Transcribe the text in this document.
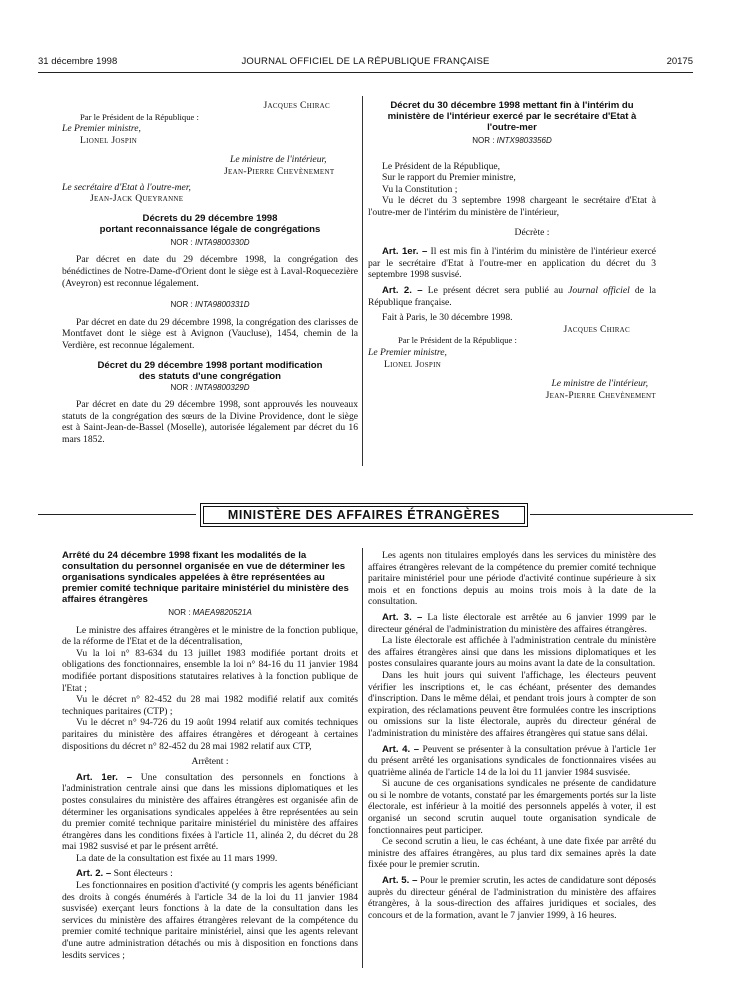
31 décembre 1998	JOURNAL OFFICIEL DE LA RÉPUBLIQUE FRANÇAISE	20175

Jacques Chirac

Par le Président de la République :

Le Premier ministre,

Lionel Jospin

Le ministre de l'intérieur,

Jean-Pierre Chevènement

Le secrétaire d'Etat à l'outre-mer,

Jean-Jack Queyranne

Décrets du 29 décembre 1998
portant reconnaissance légale de congrégations

NOR : INTA9800330D

Par décret en date du 29 décembre 1998, la congrégation des bénédictines de Notre-Dame-d'Orient dont le siège est à Laval-Roquecezière (Aveyron) est reconnue légalement.

NOR : INTA9800331D

Par décret en date du 29 décembre 1998, la congrégation des clarisses de Montfavet dont le siège est à Avignon (Vaucluse), 1454, chemin de la Verdière, est reconnue légalement.

Décret du 29 décembre 1998 portant modification
des statuts d'une congrégation

NOR : INTA9800329D

Par décret en date du 29 décembre 1998, sont approuvés les nouveaux statuts de la congrégation des sœurs de la Divine Providence, dont le siège est à Saint-Jean-de-Bassel (Moselle), autorisée légalement par décret du 16 mars 1852.

Décret du 30 décembre 1998 mettant fin à l'intérim du ministère de l'intérieur exercé par le secrétaire d'Etat à l'outre-mer

NOR : INTX9803356D

Le Président de la République,

Sur le rapport du Premier ministre,

Vu la Constitution ;

Vu le décret du 3 septembre 1998 chargeant le secrétaire d'Etat à l'outre-mer de l'intérim du ministère de l'intérieur,

Décrète :

Art. 1er. – Il est mis fin à l'intérim du ministère de l'intérieur exercé par le secrétaire d'Etat à l'outre-mer en application du décret du 3 septembre 1998 susvisé.

Art. 2. – Le présent décret sera publié au Journal officiel de la République française.

Fait à Paris, le 30 décembre 1998.

Jacques Chirac

Par le Président de la République :

Le Premier ministre,

Lionel Jospin

Le ministre de l'intérieur,

Jean-Pierre Chevènement

MINISTÈRE DES AFFAIRES ÉTRANGÈRES

Arrêté du 24 décembre 1998 fixant les modalités de la consultation du personnel organisée en vue de déterminer les organisations syndicales appelées à être représentées au premier comité technique paritaire ministériel du ministère des affaires étrangères

NOR : MAEA9820521A

Le ministre des affaires étrangères et le ministre de la fonction publique, de la réforme de l'Etat et de la décentralisation,

Vu la loi n° 83-634 du 13 juillet 1983 modifiée portant droits et obligations des fonctionnaires, ensemble la loi n° 84-16 du 11 janvier 1984 modifiée portant dispositions statutaires relatives à la fonction publique de l'Etat ;

Vu le décret n° 82-452 du 28 mai 1982 modifié relatif aux comités techniques paritaires (CTP) ;

Vu le décret n° 94-726 du 19 août 1994 relatif aux comités techniques paritaires du ministère des affaires étrangères et dérogeant à certaines dispositions du décret n° 82-452 du 28 mai 1982 relatif aux CTP,

Arrêtent :

Art. 1er. – Une consultation des personnels en fonctions à l'administration centrale ainsi que dans les missions diplomatiques et les postes consulaires du ministère des affaires étrangères est organisée afin de déterminer les organisations syndicales appelées à être représentées au sein du premier comité technique paritaire ministériel du ministère des affaires étrangères dans les conditions fixées à l'article 11, alinéa 2, du décret du 28 mai 1982 susvisé et par le présent arrêté.

La date de la consultation est fixée au 11 mars 1999.

Art. 2. – Sont électeurs :

Les fonctionnaires en position d'activité (y compris les agents bénéficiant des droits à congés énumérés à l'article 34 de la loi du 11 janvier 1984 susvisée) exerçant leurs fonctions à la date de la consultation dans les services du ministère des affaires étrangères relevant de la compétence du premier comité technique paritaire ministériel, ainsi que les agents relevant d'une autre administration détachés ou mis à disposition en fonctions dans lesdits services ;

Les agents non titulaires employés dans les services du ministère des affaires étrangères relevant de la compétence du premier comité technique paritaire ministériel pour une période d'activité continue supérieure à six mois et en fonctions depuis au moins trois mois à la date de la consultation.

Art. 3. – La liste électorale est arrêtée au 6 janvier 1999 par le directeur général de l'administration du ministère des affaires étrangères.

La liste électorale est affichée à l'administration centrale du ministère des affaires étrangères ainsi que dans les missions diplomatiques et les postes consulaires quarante jours au moins avant la date de la consultation.

Dans les huit jours qui suivent l'affichage, les électeurs peuvent vérifier les inscriptions et, le cas échéant, présenter des demandes d'inscription. Dans le même délai, et pendant trois jours à compter de son expiration, des réclamations peuvent être formulées contre les inscriptions ou omissions sur la liste électorale, auprès du directeur général de l'administration du ministère des affaires étrangères qui statue sans délai.

Art. 4. – Peuvent se présenter à la consultation prévue à l'article 1er du présent arrêté les organisations syndicales de fonctionnaires visées au quatrième alinéa de l'article 14 de la loi du 11 janvier 1984 susvisée.

Si aucune de ces organisations syndicales ne présente de candidature ou si le nombre de votants, constaté par les émargements portés sur la liste électorale, est inférieur à la moitié des personnels appelés à voter, il est organisé un second scrutin auquel toute organisation syndicale de fonctionnaires peut participer.

Ce second scrutin a lieu, le cas échéant, à une date fixée par arrêté du ministre des affaires étrangères, au plus tard dix semaines après la date fixée pour le premier scrutin.

Art. 5. – Pour le premier scrutin, les actes de candidature sont déposés auprès du directeur général de l'administration du ministère des affaires étrangères, à la sous-direction des affaires juridiques et sociales, des concours et de la formation, avant le 7 janvier 1999, à 16 heures.
